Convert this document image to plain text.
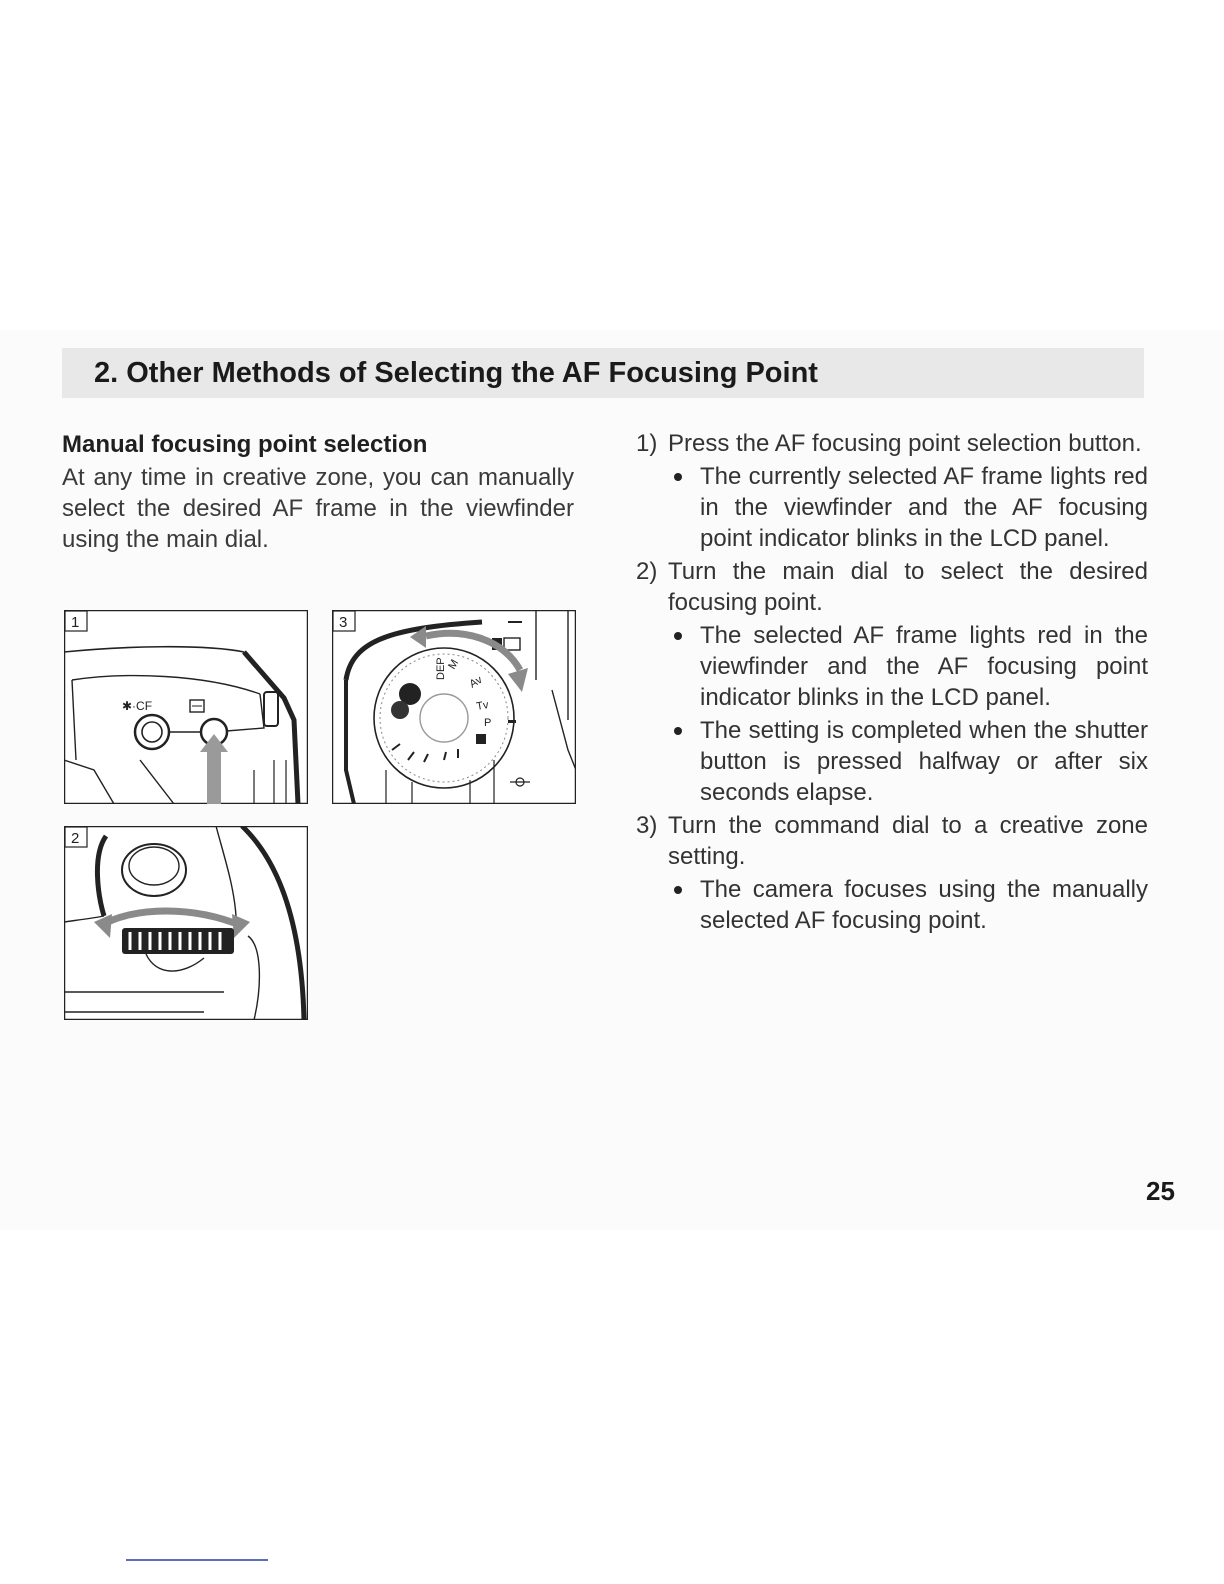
2. Other Methods of Selecting the AF Focusing Point
Manual focusing point selection

At any time in creative zone, you can manually select the desired AF frame in the viewfinder using the main dial.

1
✱·CF
3
DEP M
Av
Tv
P
2
1) Press the AF focusing point selection button.
The currently selected AF frame lights red in the viewfinder and the AF focusing point indicator blinks in the LCD panel.
2) Turn the main dial to select the desired focusing point.
The selected AF frame lights red in the viewfinder and the AF focusing point indicator blinks in the LCD panel.
The setting is completed when the shutter button is pressed halfway or after six seconds elapse.
3) Turn the command dial to a creative zone setting.
The camera focuses using the manually selected AF focusing point.
25
